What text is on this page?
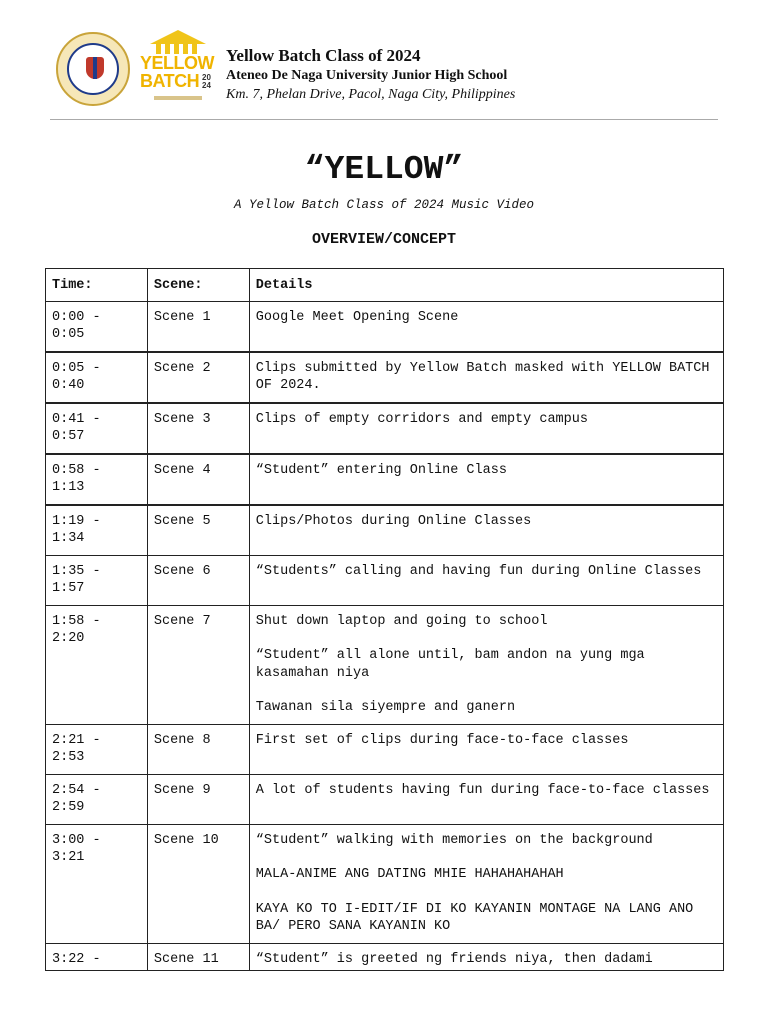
YELLOW
BATCH 2024
Yellow Batch Class of 2024
Ateneo De Naga University Junior High School
Km. 7, Phelan Drive, Pacol, Naga City, Philippines
“YELLOW”
A Yellow Batch Class of 2024 Music Video
OVERVIEW/CONCEPT
Time:	Scene:	Details
0:00 - 0:05	Scene 1	Google Meet Opening Scene

0:05 - 0:40	Scene 2	Clips submitted by Yellow Batch masked with YELLOW BATCH OF 2024.

0:41 - 0:57	Scene 3	Clips of empty corridors and empty campus

0:58 - 1:13	Scene 4	“Student” entering Online Class

1:19 - 1:34	Scene 5	Clips/Photos during Online Classes

1:35 - 1:57	Scene 6	“Students” calling and having fun during Online Classes

1:58 - 2:20	Scene 7	Shut down laptop and going to school
“Student” all alone until, bam andon na yung mga kasamahan niya
Tawanan sila siyempre and ganern

2:21 - 2:53	Scene 8	First set of clips during face-to-face classes

2:54 - 2:59	Scene 9	A lot of students having fun during face-to-face classes

3:00 - 3:21	Scene 10	“Student” walking with memories on the background
MALA-ANIME ANG DATING MHIE HAHAHAHAHAH
KAYA KO TO I-EDIT/IF DI KO KAYANIN MONTAGE NA LANG ANO BA/ PERO SANA KAYANIN KO

3:22 -	Scene 11	“Student” is greeted ng friends niya, then dadami
